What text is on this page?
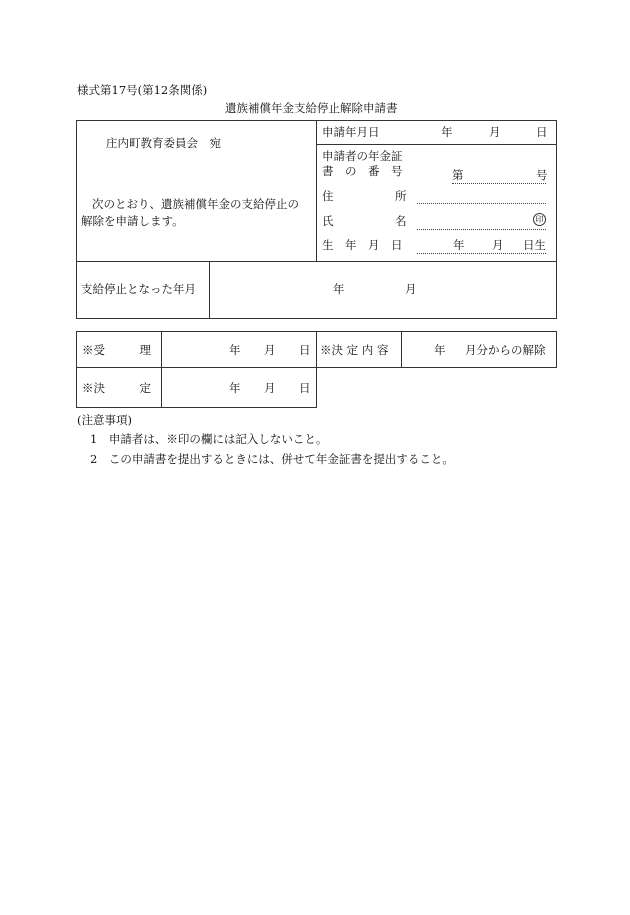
様式第17号(第12条関係)
遺族補償年金支給停止解除申請書
庄内町教育委員会　宛
次のとおり、遺族補償年金の支給停止の
解除を申請します。
申請年月日	年	月	日
申請者の年金証
書　の　番　号	第	号
住	所
氏	名	印
生　年　月　日	年 月 日生
支給停止となった年月	年	月
※受　　　理	年 月 日 ※決 定 内 容	年 月分からの解除
※決　　　定	年 月 日
(注意事項)
1　申請者は、※印の欄には記入しないこと。
2　この申請書を提出するときには、併せて年金証書を提出すること。
